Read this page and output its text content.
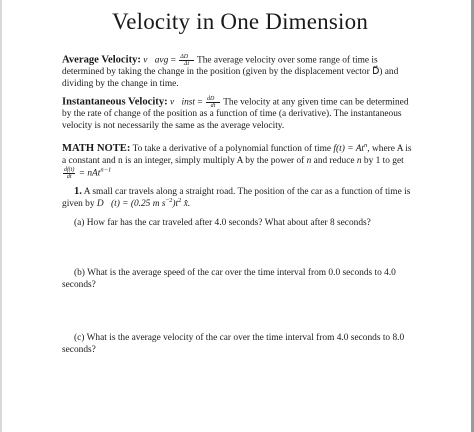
Velocity in One Dimension

Average Velocity: v⃗avg = $\frac{\Delta D⃗}{\Delta t}$ The average velocity over some range of time is determined by taking the change in the position (given by the displacement vector D⃗) and dividing by the change in time.

Instantaneous Velocity: v⃗inst = $\frac{dD⃗}{dt}$ The velocity at any given time can be determined by the rate of change of the position as a function of time (a derivative). The instantaneous velocity is not necessarily the same as the average velocity.

MATH NOTE: To take a derivative of a polynomial function of time $f(t) = At^n$, where A is a constant and n is an integer, simply multiply A by the power of n and reduce n by 1 to get
$\frac{df(t)}{dt} = nAt^{n-1}$

1. A small car travels along a straight road. The position of the car as a function of time is given by D⃗(t) = (0.25 m $s^{-2})t^2$ x̂.

(a) How far has the car traveled after 4.0 seconds? What about after 8 seconds?

(b) What is the average speed of the car over the time interval from 0.0 seconds to 4.0 seconds?

(c) What is the average velocity of the car over the time interval from 4.0 seconds to 8.0 seconds?
